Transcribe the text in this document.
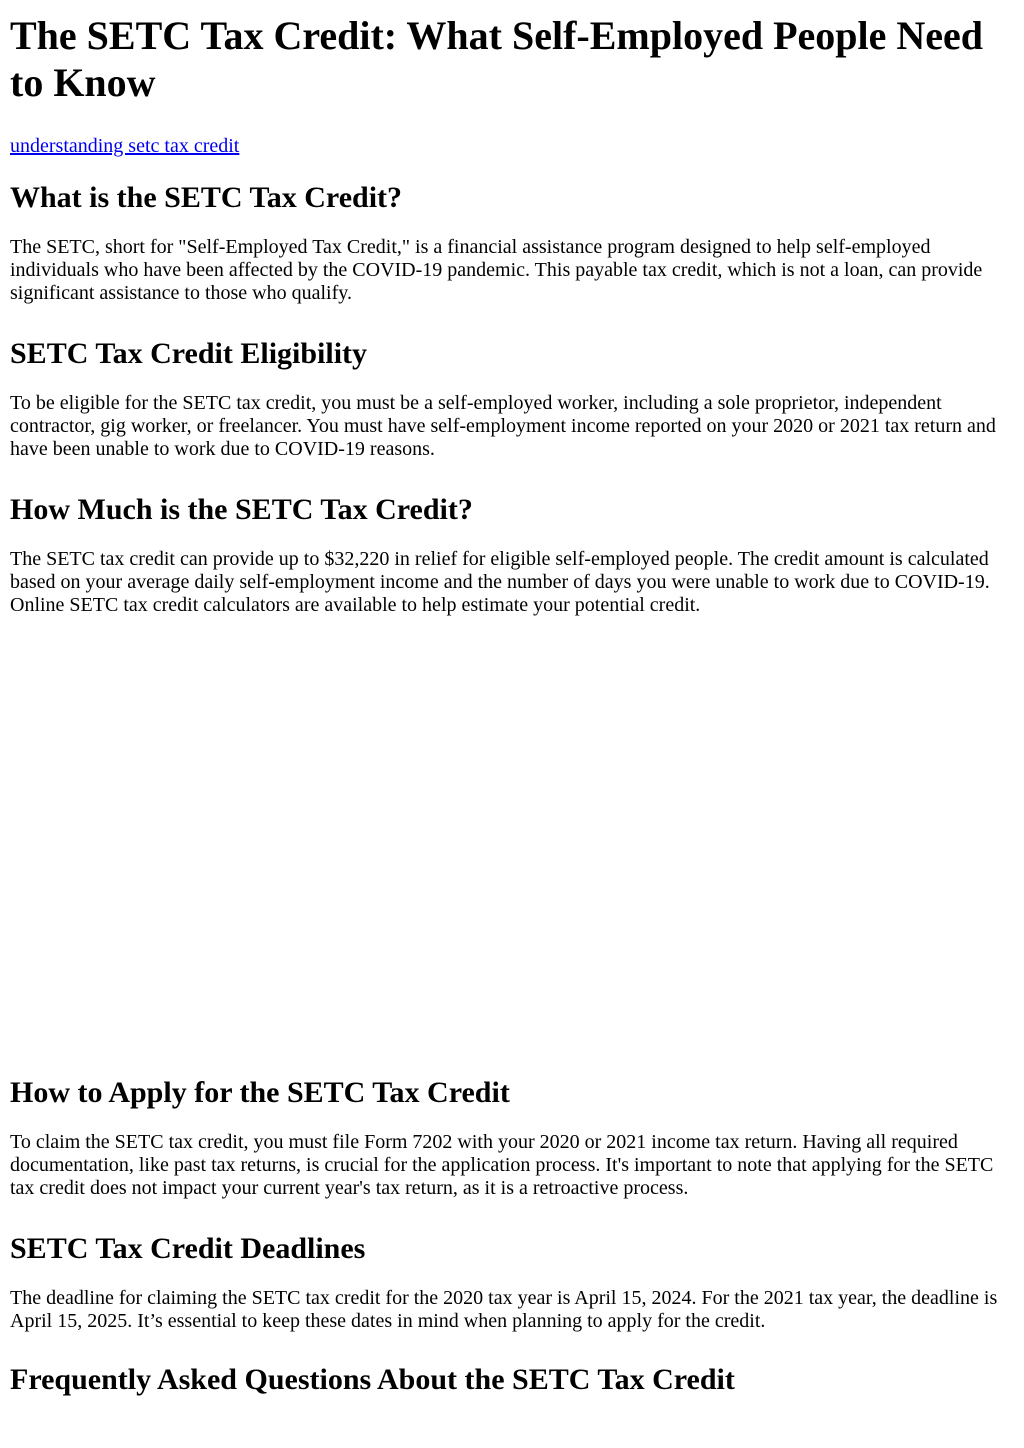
The SETC Tax Credit: What Self-Employed People Need to Know
understanding setc tax credit
What is the SETC Tax Credit?

The SETC, short for "Self-Employed Tax Credit," is a financial assistance program designed to help self-employed individuals who have been affected by the COVID-19 pandemic. This payable tax credit, which is not a loan, can provide significant assistance to those who qualify.

SETC Tax Credit Eligibility

To be eligible for the SETC tax credit, you must be a self-employed worker, including a sole proprietor, independent contractor, gig worker, or freelancer. You must have self-employment income reported on your 2020 or 2021 tax return and have been unable to work due to COVID-19 reasons.

How Much is the SETC Tax Credit?

The SETC tax credit can provide up to $32,220 in relief for eligible self-employed people. The credit amount is calculated based on your average daily self-employment income and the number of days you were unable to work due to COVID-19. Online SETC tax credit calculators are available to help estimate your potential credit.

How to Apply for the SETC Tax Credit

To claim the SETC tax credit, you must file Form 7202 with your 2020 or 2021 income tax return. Having all required documentation, like past tax returns, is crucial for the application process. It's important to note that applying for the SETC tax credit does not impact your current year's tax return, as it is a retroactive process.

SETC Tax Credit Deadlines

The deadline for claiming the SETC tax credit for the 2020 tax year is April 15, 2024. For the 2021 tax year, the deadline is April 15, 2025. It’s essential to keep these dates in mind when planning to apply for the credit.

Frequently Asked Questions About the SETC Tax Credit
